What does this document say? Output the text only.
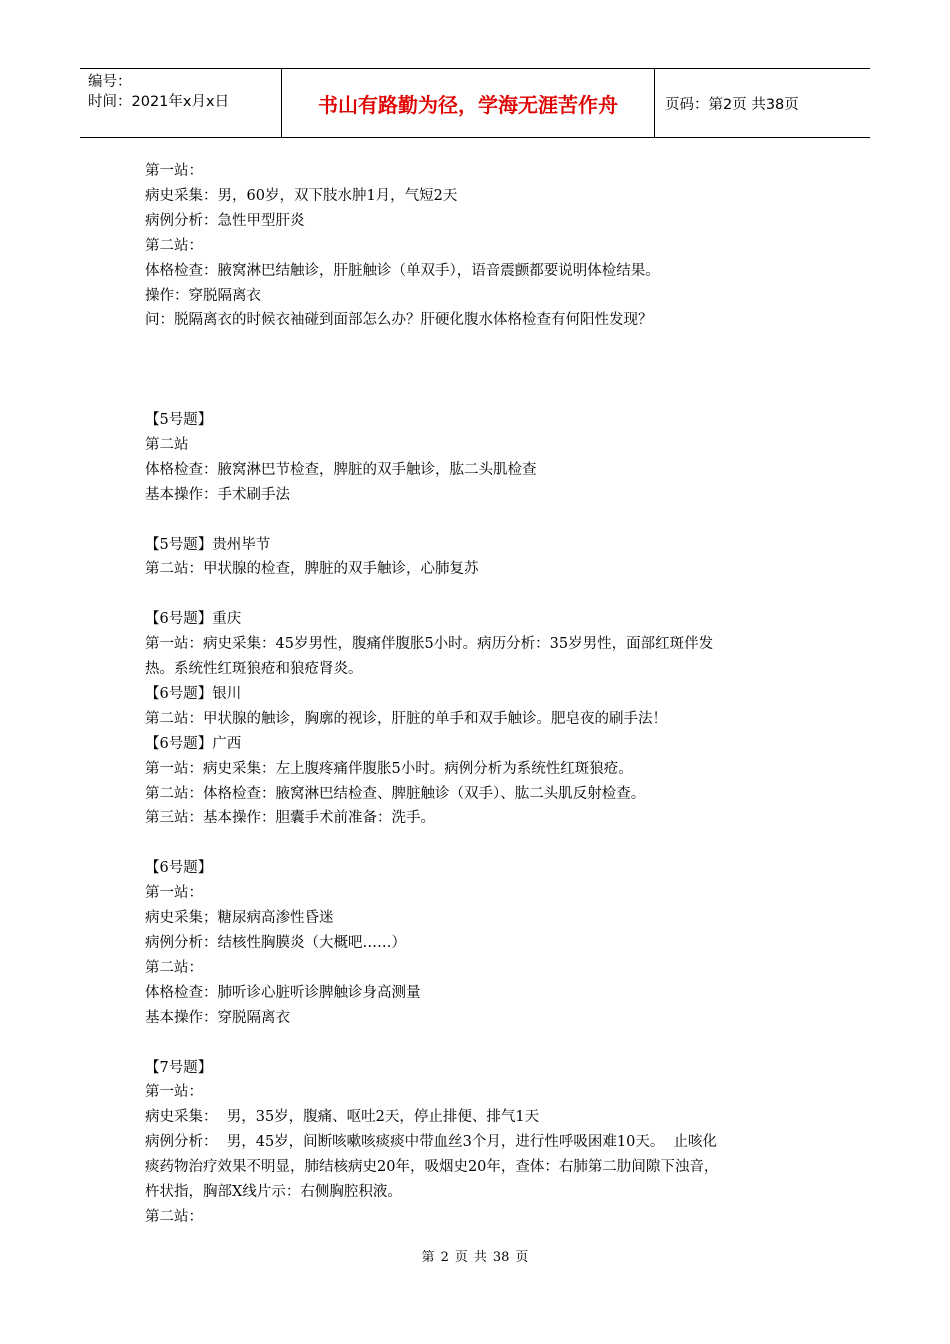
编号：
时间：2021年x月x日	书山有路勤为径，学海无涯苦作舟	页码：第2页 共38页
第一站：
病史采集：男，60岁，双下肢水肿1月，气短2天
病例分析：急性甲型肝炎
第二站：
体格检查：腋窝淋巴结触诊，肝脏触诊（单双手），语音震颤都要说明体检结果。
操作：穿脱隔离衣
问：脱隔离衣的时候衣袖碰到面部怎么办？肝硬化腹水体格检查有何阳性发现？
【5号题】
第二站
体格检查：腋窝淋巴节检查，脾脏的双手触诊，肱二头肌检查
基本操作：手术刷手法
【5号题】贵州毕节
第二站：甲状腺的检查，脾脏的双手触诊，心肺复苏
【6号题】重庆
第一站：病史采集：45岁男性，腹痛伴腹胀5小时。病历分析：35岁男性，面部红斑伴发
热。系统性红斑狼疮和狼疮肾炎。
【6号题】银川
第二站：甲状腺的触诊，胸廓的视诊，肝脏的单手和双手触诊。肥皂夜的刷手法！
【6号题】广西
第一站：病史采集：左上腹疼痛伴腹胀5小时。病例分析为系统性红斑狼疮。
第二站：体格检查：腋窝淋巴结检查、脾脏触诊（双手）、肱二头肌反射检查。
第三站：基本操作：胆囊手术前准备：洗手。
【6号题】
第一站：
病史采集；糖尿病高渗性昏迷
病例分析：结核性胸膜炎（大概吧……）
第二站：
体格检查：肺听诊心脏听诊脾触诊身高测量
基本操作：穿脱隔离衣
【7号题】
第一站：
病史采集：  男，35岁，腹痛、呕吐2天，停止排便、排气1天
病例分析：  男，45岁，间断咳嗽咳痰痰中带血丝3个月，进行性呼吸困难10天。  止咳化
痰药物治疗效果不明显，肺结核病史20年，吸烟史20年，查体：右肺第二肋间隙下浊音，
杵状指，胸部X线片示：右侧胸腔积液。
第二站：
第 2 页 共 38 页
